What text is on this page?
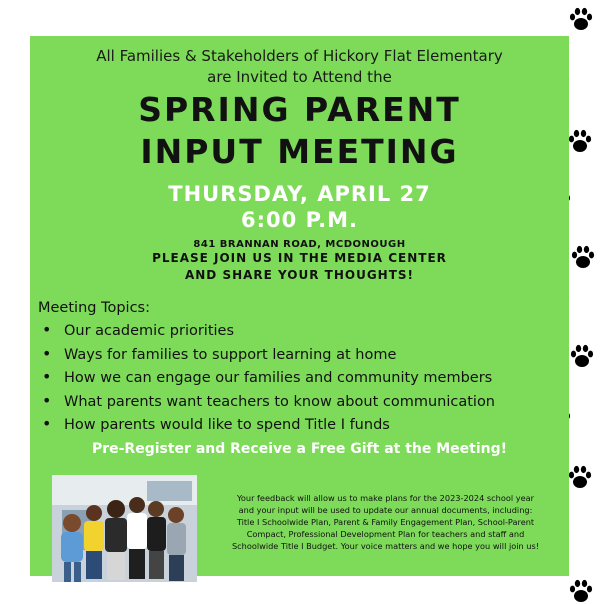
All Families & Stakeholders of Hickory Flat Elementary
are Invited to Attend the
SPRING PARENT
INPUT MEETING
THURSDAY, APRIL 27
6:00 P.M.
841 BRANNAN ROAD, MCDONOUGH
PLEASE JOIN US IN THE MEDIA CENTER
AND SHARE YOUR THOUGHTS!
Meeting Topics:
• Our academic priorities
• Ways for families to support learning at home
• How we can engage our families and community members
• What parents want teachers to know about communication
• How parents would like to spend Title I funds
Pre-Register and Receive a Free Gift at the Meeting!
Your feedback will allow us to make plans for the 2023-2024 school year
and your input will be used to update our annual documents, including:
Title I Schoolwide Plan, Parent & Family Engagement Plan, School-Parent
Compact, Professional Development Plan for teachers and staff and
Schoolwide Title I Budget. Your voice matters and we hope you will join us!
